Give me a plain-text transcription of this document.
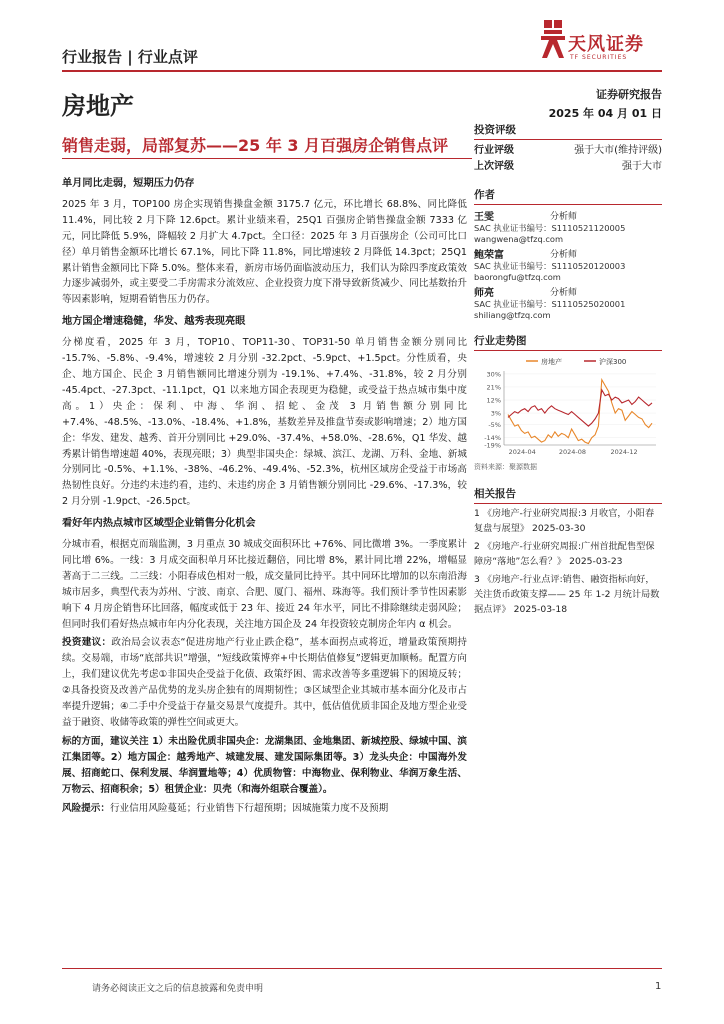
行业报告 | 行业点评
天风证券
TF SECURITIES
房地产	证券研究报告
2025 年 04 月 01 日
销售走弱，局部复苏——25 年 3 月百强房企销售点评
单月同比走弱，短期压力仍存

2025 年 3 月，TOP100 房企实现销售操盘金额 3175.7 亿元，环比增长 68.8%、同比降低 11.4%，同比较 2 月下降 12.6pct。累计业绩来看，25Q1 百强房企销售操盘金额 7333 亿元，同比降低 5.9%，降幅较 2 月扩大 4.7pct。全口径：2025 年 3 月百强房企（公司可比口径）单月销售金额环比增长 67.1%，同比下降 11.8%，同比增速较 2 月降低 14.3pct；25Q1 累计销售金额同比下降 5.0%。整体来看，新房市场仍面临波动压力，我们认为除四季度政策效力逐步减弱外，或主要受二手房需求分流效应、企业投资力度下滑导致新货减少、同比基数抬升等因素影响，短期看销售压力仍存。

地方国企增速稳健，华发、越秀表现亮眼

分梯度看，2025 年 3 月，TOP10、TOP11-30、TOP31-50 单月销售金额分别同比 -15.7%、-5.8%、-9.4%，增速较 2 月分别 -32.2pct、-5.9pct、+1.5pct。分性质看，央企、地方国企、民企 3 月销售额同比增速分别为 -19.1%、+7.4%、-31.8%，较 2 月分别 -45.4pct、-27.3pct、-11.1pct，Q1 以来地方国企表现更为稳健，或受益于热点城市集中度高。1）央企：保利、中海、华润、招蛇、金茂 3 月销售额分别同比 +7.4%、-48.5%、-13.0%、-18.4%、+1.8%，基数差异及推盘节奏或影响增速；2）地方国企：华发、建发、越秀、首开分别同比 +29.0%、-37.4%、+58.0%、-28.6%，Q1 华发、越秀累计销售增速超 40%，表现亮眼；3）典型非国央企：绿城、滨江、龙湖、万科、金地、新城分别同比 -0.5%、+1.1%、-38%、-46.2%、-49.4%、-52.3%，杭州区域房企受益于市场高热韧性良好。分违约未违约看，违约、未违约房企 3 月销售额分别同比 -29.6%、-17.3%，较 2 月分别 -1.9pct、-26.5pct。

看好年内热点城市区域型企业销售分化机会

分城市看，根据克而瑞监测，3 月重点 30 城成交面积环比 +76%、同比微增 3%。一季度累计同比增 6%。一线：3 月成交面积单月环比接近翻倍，同比增 8%，累计同比增 22%，增幅显著高于二三线。二三线：小阳春成色相对一般，成交量同比持平。其中同环比增加的以东南沿海城市居多，典型代表为苏州、宁波、南京、合肥、厦门、福州、珠海等。我们预计季节性因素影响下 4 月房企销售环比回落，幅度或低于 23 年、接近 24 年水平，同比不排除继续走弱风险；但同时我们看好热点城市年内分化表现，关注地方国企及 24 年投资较克制房企年内 α 机会。

投资建议：政治局会议表态“促进房地产行业止跌企稳”，基本面拐点或将近，增量政策预期持续。交易端，市场“底部共识”增强，“短线政策博弈+中长期估值修复”逻辑更加顺畅。配置方向上，我们建议优先考虑①非国央企受益于化债、政策纾困、需求改善等多重逻辑下的困境反转；②具备投资及改善产品优势的龙头房企独有的周期韧性；③区域型企业其城市基本面分化及市占率提升逻辑；④二手中介受益于存量交易景气度提升。其中，低估值优质非国企及地方型企业受益于融资、收储等政策的弹性空间或更大。

标的方面，建议关注 1）未出险优质非国央企：龙湖集团、金地集团、新城控股、绿城中国、滨江集团等。2）地方国企：越秀地产、城建发展、建发国际集团等。3）龙头央企：中国海外发展、招商蛇口、保利发展、华润置地等；4）优质物管：中海物业、保利物业、华润万象生活、万物云、招商积余；5）租赁企业：贝壳（和海外组联合覆盖）。

风险提示：行业信用风险蔓延；行业销售下行超预期；因城施策力度不及预期

投资评级
行业评级	强于大市(维持评级)
上次评级	强于大市
作者
王雯	分析师
SAC 执业证书编号：S1110521120005
wangwena@tfzq.com
鲍荣富	分析师
SAC 执业证书编号：S1110520120003
baorongfu@tfzq.com
师亮	分析师
SAC 执业证书编号：S1110525020001
shiliang@tfzq.com
行业走势图
房地产	沪深300
30%
21%
12%
3%
-5%
-14%
-19%
2024-04	2024-08	2024-12
资料来源：聚源数据
相关报告
1 《房地产-行业研究周报:3 月收官，小阳春复盘与展望》 2025-03-30
2 《房地产-行业研究周报:广州首批配售型保障房“落地”怎么看？》 2025-03-23
3 《房地产-行业点评:销售、融资指标向好，关注货币政策支撑—— 25 年 1-2 月统计局数据点评》 2025-03-18
请务必阅读正文之后的信息披露和免责申明	1
